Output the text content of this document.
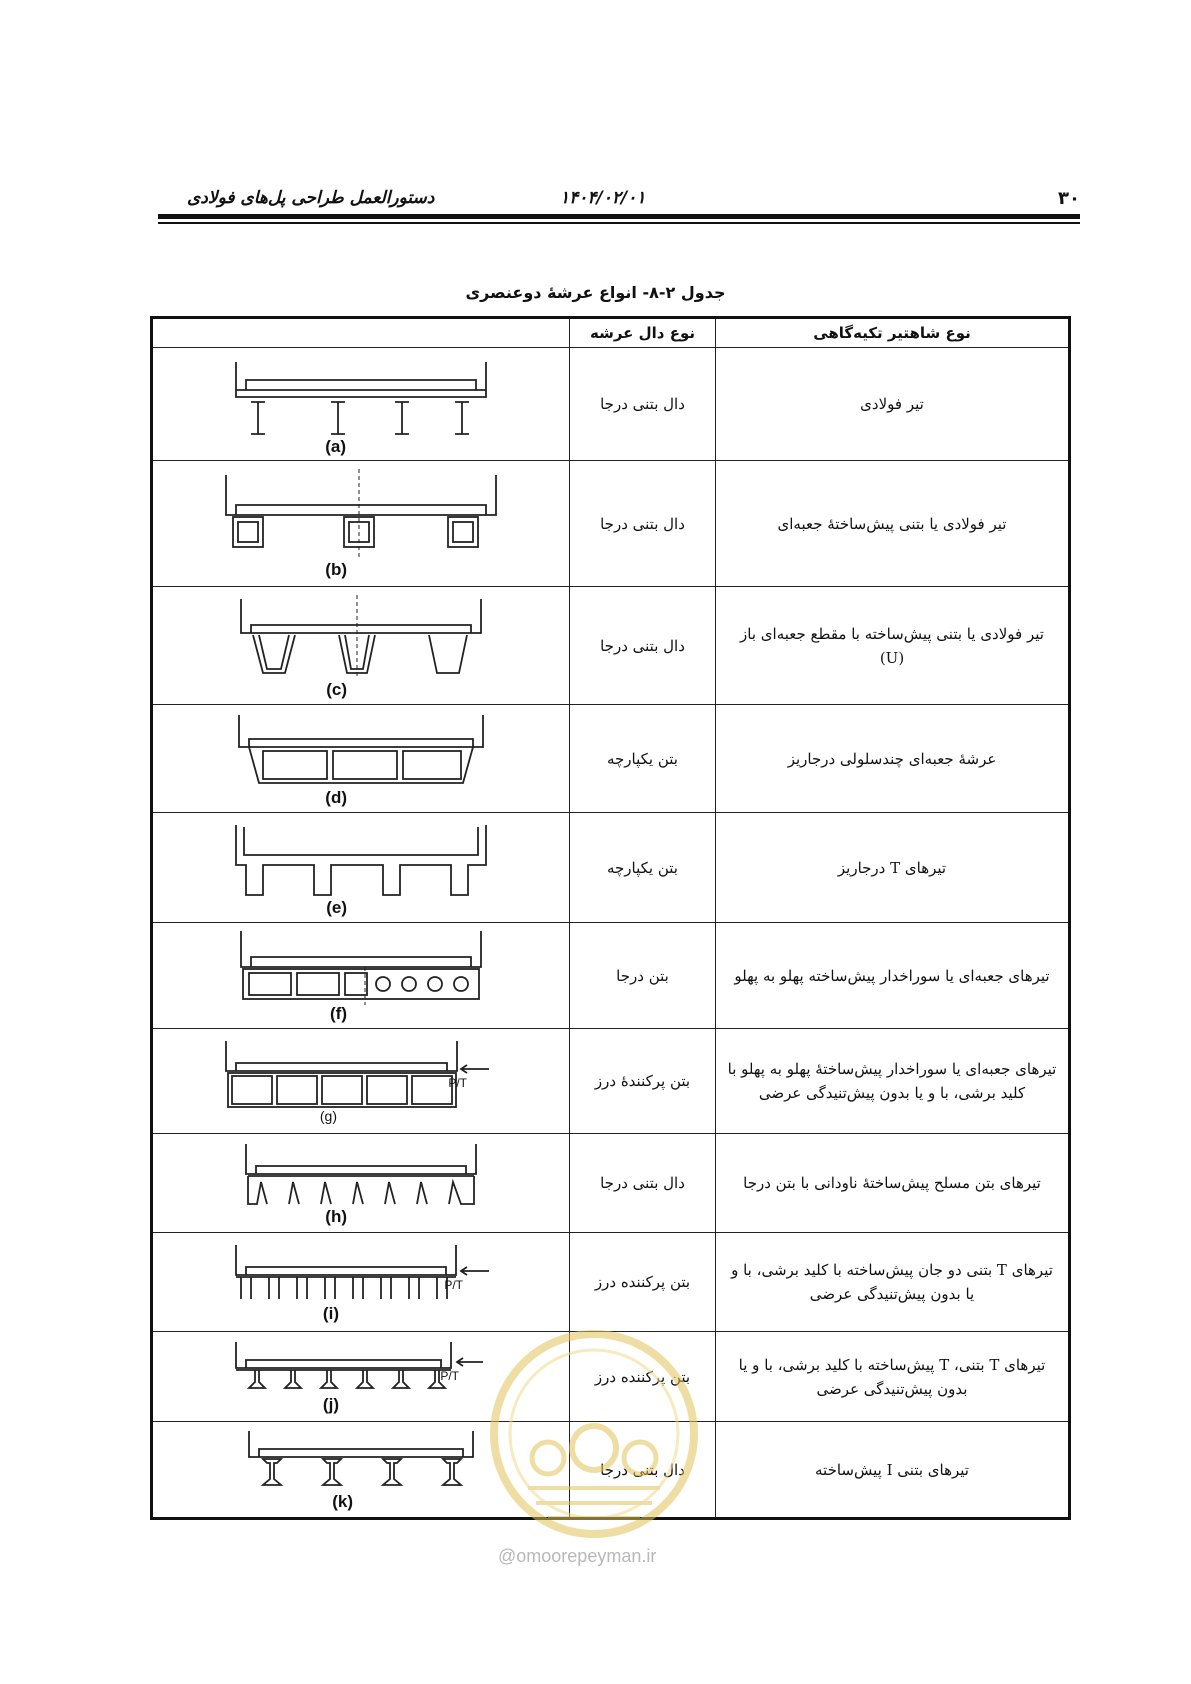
۳۰
۱۴۰۴/۰۲/۰۱
دستورالعمل طراحی پل‌های فولادی
جدول ۲-۸- انواع عرشهٔ دوعنصری
نوع شاهتیر تکیه‌گاهی	نوع دال عرشه	
تیر فولادی	دال بتنی درجا	(a)

تیر فولادی یا بتنی پیش‌ساختهٔ جعبه‌ای	دال بتنی درجا	(b)

تیر فولادی یا بتنی پیش‌ساخته با مقطع جعبه‌ای باز (U)	دال بتنی درجا	(c)

عرشهٔ جعبه‌ای چندسلولی درجاریز	بتن یکپارچه	(d)

تیرهای T درجاریز	بتن یکپارچه	(e)

تیرهای جعبه‌ای یا سوراخدار پیش‌ساخته پهلو به پهلو	بتن درجا	(f)

تیرهای جعبه‌ای یا سوراخدار پیش‌ساختهٔ پهلو به پهلو با کلید برشی، با و یا بدون پیش‌تنیدگی عرضی	بتن پرکنندهٔ درز	P/T
(g)

تیرهای بتن مسلح پیش‌ساختهٔ ناودانی با بتن درجا	دال بتنی درجا	(h)

تیرهای T بتنی دو جان پیش‌ساخته با کلید برشی، با و یا بدون پیش‌تنیدگی عرضی	بتن پرکننده درز	P/T
(i)

تیرهای T بتنی، T پیش‌ساخته با کلید برشی، با و یا بدون پیش‌تنیدگی عرضی	بتن پرکننده درز	P/T
(j)

تیرهای بتنی I پیش‌ساخته	دال بتنی درجا	(k)
@omoorepeyman.ir
